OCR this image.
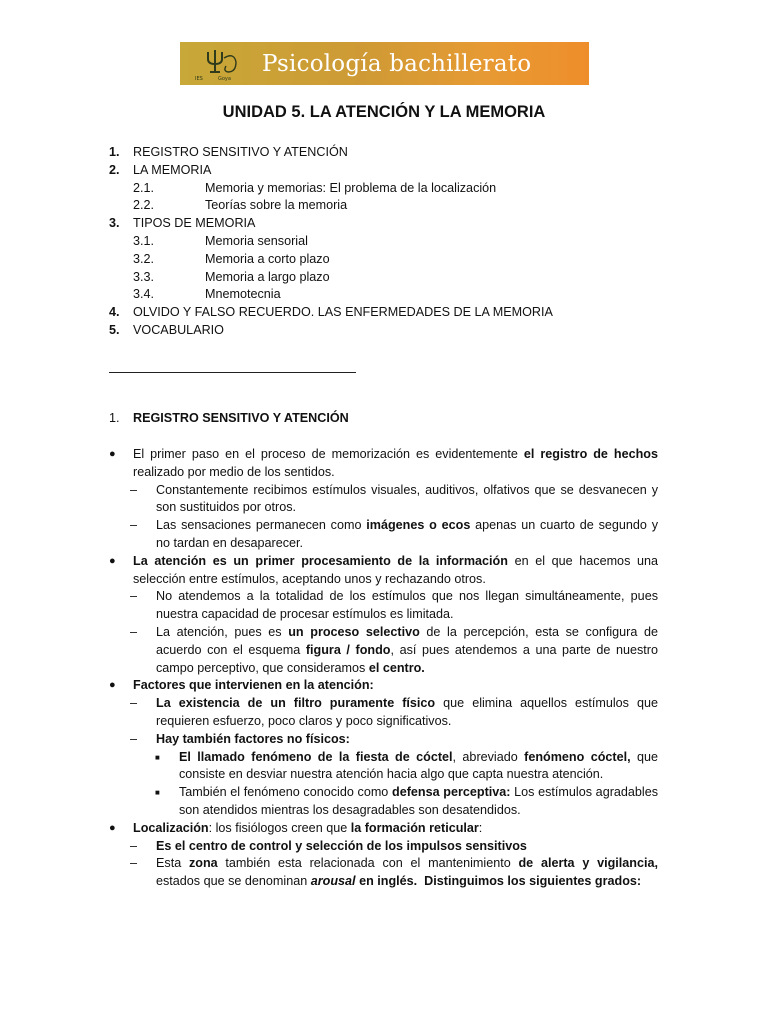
IES	Goya
Psicología bachillerato
UNIDAD 5. LA ATENCIÓN Y LA MEMORIA
1. REGISTRO SENSITIVO Y ATENCIÓN
2. LA MEMORIA
2.1.	Memoria y memorias: El problema de la localización
2.2.	Teorías sobre la memoria
3. TIPOS DE MEMORIA
3.1.	Memoria sensorial
3.2.	Memoria a corto plazo
3.3.	Memoria a largo plazo
3.4.	Mnemotecnia
4. OLVIDO Y FALSO RECUERDO. LAS ENFERMEDADES DE LA MEMORIA
5. VOCABULARIO
1. REGISTRO SENSITIVO Y ATENCIÓN
● El primer paso en el proceso de memorización es evidentemente el registro de hechos realizado por medio de los sentidos.
– Constantemente recibimos estímulos visuales, auditivos, olfativos que se desvanecen y son sustituidos por otros.
– Las sensaciones permanecen como imágenes o ecos apenas un cuarto de segundo y no tardan en desaparecer.
● La atención es un primer procesamiento de la información en el que hacemos una selección entre estímulos, aceptando unos y rechazando otros.
– No atendemos a la totalidad de los estímulos que nos llegan simultáneamente, pues nuestra capacidad de procesar estímulos es limitada.
– La atención, pues es un proceso selectivo de la percepción, esta se configura de acuerdo con el esquema figura / fondo, así pues atendemos a una parte de nuestro campo perceptivo, que consideramos el centro.
● Factores que intervienen en la atención:
– La existencia de un filtro puramente físico que elimina aquellos estímulos que requieren esfuerzo, poco claros y poco significativos.
– Hay también factores no físicos:
■ El llamado fenómeno de la fiesta de cóctel, abreviado fenómeno cóctel, que consiste en desviar nuestra atención hacia algo que capta nuestra atención.
■ También el fenómeno conocido como defensa perceptiva: Los estímulos agradables son atendidos mientras los desagradables son desatendidos.
● Localización: los fisiólogos creen que la formación reticular:
– Es el centro de control y selección de los impulsos sensitivos
– Esta zona también esta relacionada con el mantenimiento de alerta y vigilancia, estados que se denominan arousal en inglés. Distinguimos los siguientes grados:
